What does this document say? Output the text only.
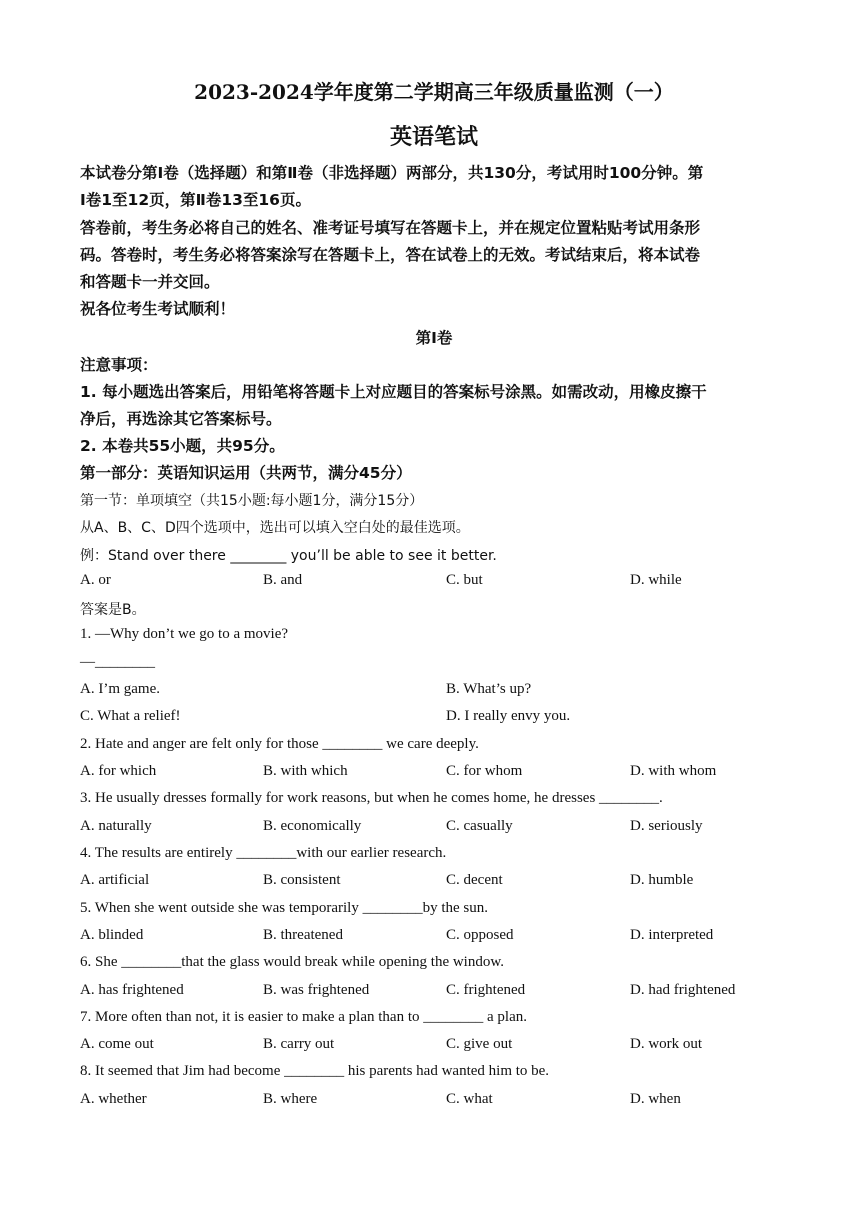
2023-2024学年度第二学期高三年级质量监测（一）
英语笔试
本试卷分第Ⅰ卷（选择题）和第Ⅱ卷（非选择题）两部分，共130分，考试用时100分钟。第
Ⅰ卷1至12页，第Ⅱ卷13至16页。
答卷前，考生务必将自己的姓名、准考证号填写在答题卡上，并在规定位置粘贴考试用条形
码。答卷时，考生务必将答案涂写在答题卡上，答在试卷上的无效。考试结束后，将本试卷
和答题卡一并交回。
祝各位考生考试顺利！
第Ⅰ卷
注意事项：
1. 每小题选出答案后，用铅笔将答题卡上对应题目的答案标号涂黑。如需改动，用橡皮擦干
净后，再选涂其它答案标号。
2. 本卷共55小题，共95分。
第一部分：英语知识运用（共两节，满分45分）
第一节：单项填空（共15小题:每小题1分，满分15分）
从A、B、C、D四个选项中，选出可以填入空白处的最佳选项。
例：Stand over there ________ you’ll be able to see it better.
A. or	B. and	C. but	D. while
答案是B。
1. —Why don’t we go to a movie?
—________
A. I’m game.	B. What’s up?
C. What a relief!	D. I really envy you.
2. Hate and anger are felt only for those ________ we care deeply.
A. for which	B. with which	C. for whom	D. with whom
3. He usually dresses formally for work reasons, but when he comes home, he dresses ________.
A. naturally	B. economically	C. casually	D. seriously
4. The results are entirely ________with our earlier research.
A. artificial	B. consistent	C. decent	D. humble
5. When she went outside she was temporarily ________by the sun.
A. blinded	B. threatened	C. opposed	D. interpreted
6. She ________that the glass would break while opening the window.
A. has frightened	B. was frightened	C. frightened	D. had frightened
7. More often than not, it is easier to make a plan than to ________ a plan.
A. come out	B. carry out	C. give out	D. work out
8. It seemed that Jim had become ________ his parents had wanted him to be.
A. whether	B. where	C. what	D. when
